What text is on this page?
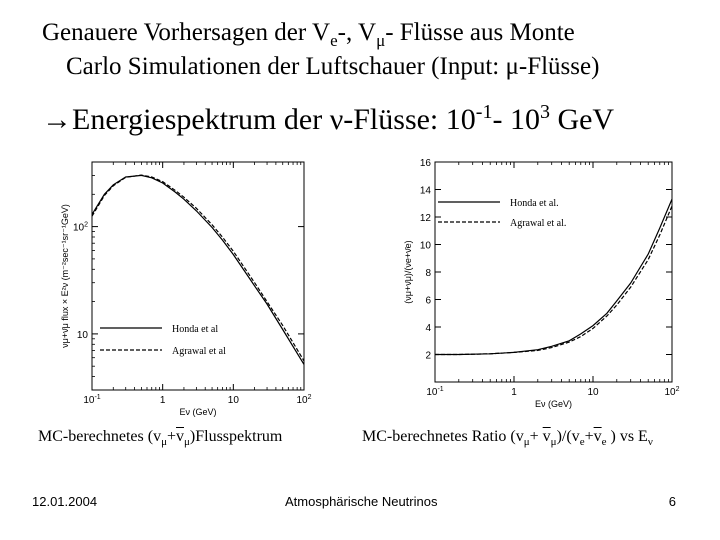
Genauere Vorhersagen der $V_e-$, $V_\mu-$ Flüsse aus Monte
Carlo Simulationen der Luftschauer (Input: μ-Flüsse)
→Energiespektrum der ν-Flüsse: $10^{-1}-$ $10^3$ GeV
$10^{-1}$	1	10	$10^2$
$10^2$
10
Eν (GeV)
νμ+ν̄μ flux × E²ν (m⁻²sec⁻¹sr⁻¹GeV)	Honda et al
Agrawal et al
$10^{-1}$	1	10	$10^2$
2
4
6
8
10
12
14
16
Eν (GeV)
(νμ+ν̄μ)/(νe+ν̄e)
Honda et al.
Agrawal et al.
MC-berechnetes $(v_\mu+\overline{v}_\mu)Flusspektrum$	MC-berechnetes Ratio $(v_\mu+ \overline{v}_\mu)/(v_e+\overline{v}_e$ ) vs $E_\nu$
12.01.2004	Atmosphärische Neutrinos	6
